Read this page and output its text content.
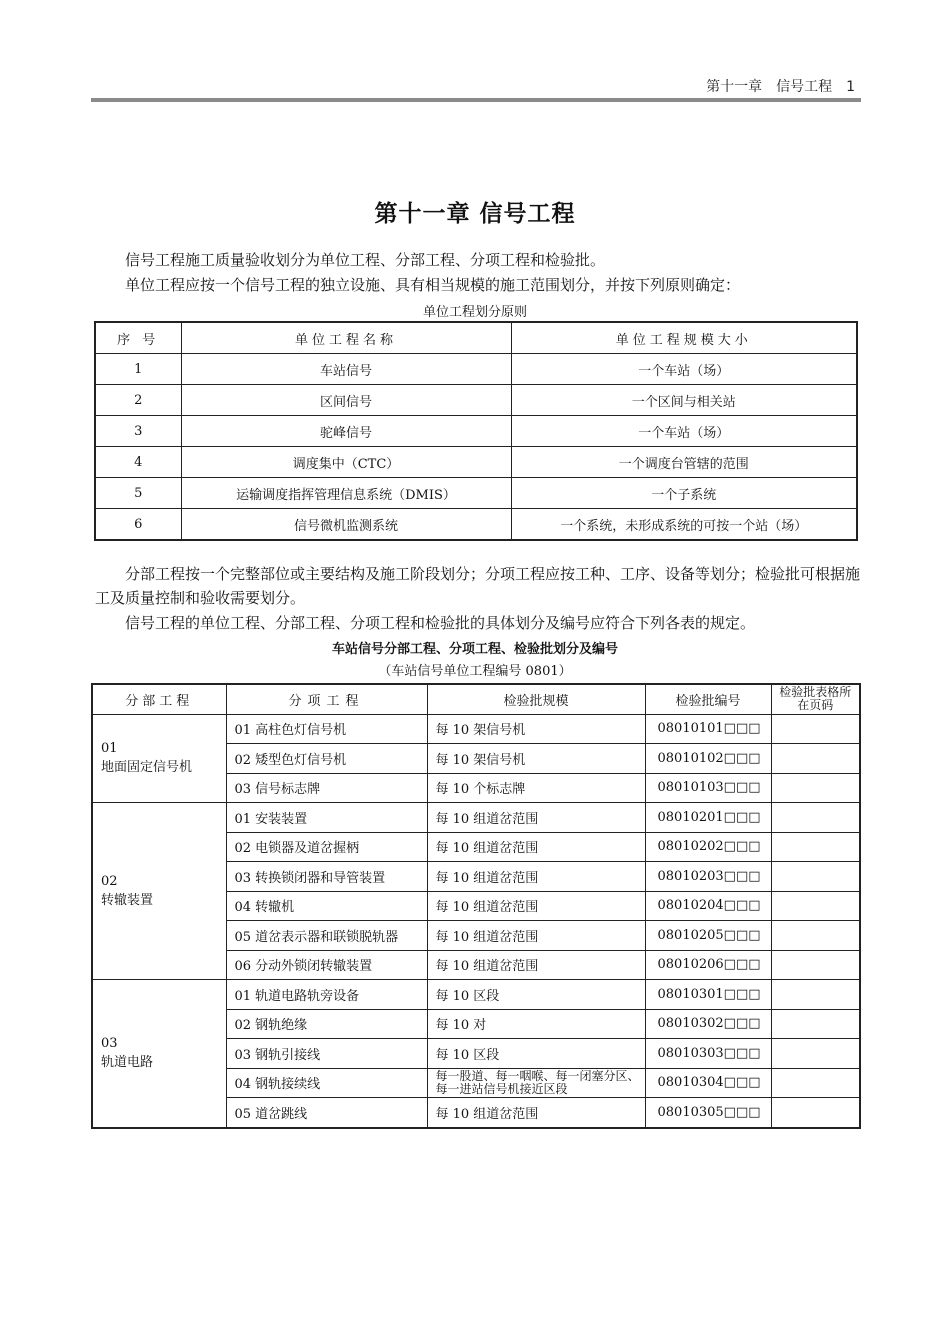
第十一章 信号工程 1
第十一章 信号工程
信号工程施工质量验收划分为单位工程、分部工程、分项工程和检验批。
单位工程应按一个信号工程的独立设施、具有相当规模的施工范围划分，并按下列原则确定：
单位工程划分原则
序 号	单位工程名称	单位工程规模大小
1	车站信号	一个车站（场）
2	区间信号	一个区间与相关站
3	驼峰信号	一个车站（场）
4	调度集中（CTC）	一个调度台管辖的范围
5	运输调度指挥管理信息系统（DMIS）	一个子系统
6	信号微机监测系统	一个系统，未形成系统的可按一个站（场）
分部工程按一个完整部位或主要结构及施工阶段划分；分项工程应按工种、工序、设备等划分；检验批可根据施工及质量控制和验收需要划分。
信号工程的单位工程、分部工程、分项工程和检验批的具体划分及编号应符合下列各表的规定。
车站信号分部工程、分项工程、检验批划分及编号
（车站信号单位工程编号 0801）
分部工程	分项工程	检验批规模	检验批编号	检验批表格所在页码

01
地面固定信号机	01 高柱色灯信号机	每 10 架信号机	08010101□□□	
	02 矮型色灯信号机	每 10 架信号机	08010102□□□	
	03 信号标志牌	每 10 个标志牌	08010103□□□	

02
转辙装置	01 安装装置	每 10 组道岔范围	08010201□□□	
	02 电锁器及道岔握柄	每 10 组道岔范围	08010202□□□	
	03 转换锁闭器和导管装置	每 10 组道岔范围	08010203□□□	
	04 转辙机	每 10 组道岔范围	08010204□□□	
	05 道岔表示器和联锁脱轨器	每 10 组道岔范围	08010205□□□	
	06 分动外锁闭转辙装置	每 10 组道岔范围	08010206□□□	

03
轨道电路	01 轨道电路轨旁设备	每 10 区段	08010301□□□	
	02 钢轨绝缘	每 10 对	08010302□□□	
	03 钢轨引接线	每 10 区段	08010303□□□	
	04 钢轨接续线	每一股道、每一咽喉、每一闭塞分区、每一进站信号机接近区段	08010304□□□	
	05 道岔跳线	每 10 组道岔范围	08010305□□□	
